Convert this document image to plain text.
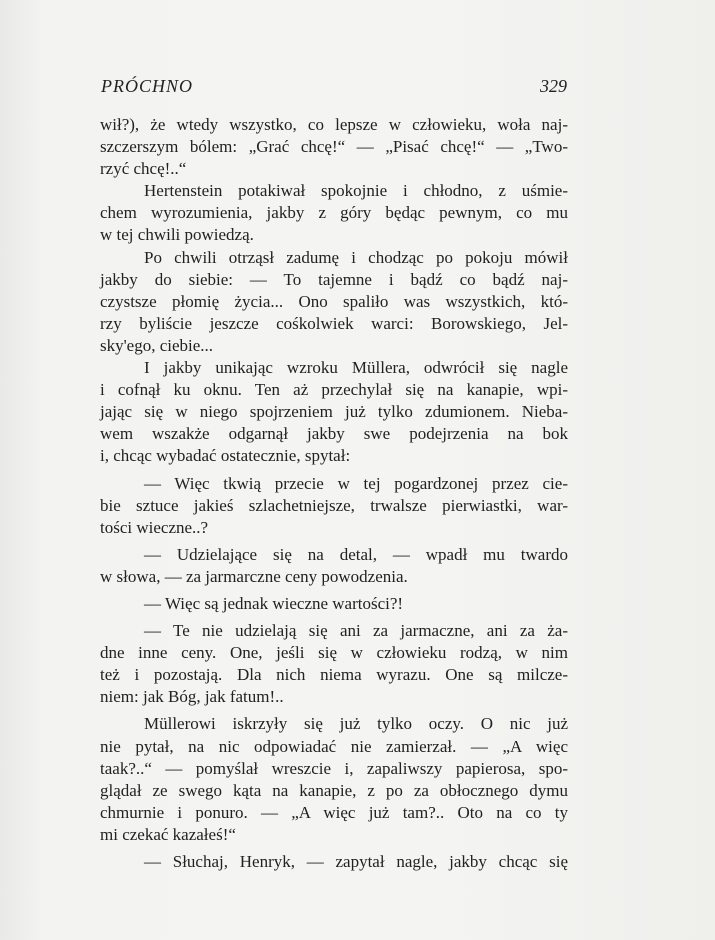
PRÓCHNO	329
wił?), że wtedy wszystko, co lepsze w człowieku, woła naj-
szczerszym bólem: „Grać chcę!“ — „Pisać chcę!“ — „Two-
rzyć chcę!..“
Hertenstein potakiwał spokojnie i chłodno, z uśmie-
chem wyrozumienia, jakby z góry będąc pewnym, co mu
w tej chwili powiedzą.
Po chwili otrząsł zadumę i chodząc po pokoju mówił
jakby do siebie: — To tajemne i bądź co bądź naj-
czystsze płomię życia... Ono spaliło was wszystkich, któ-
rzy byliście jeszcze cośkolwiek warci: Borowskiego, Jel-
sky'ego, ciebie...
I jakby unikając wzroku Müllera, odwrócił się nagle
i cofnął ku oknu. Ten aż przechylał się na kanapie, wpi-
jając się w niego spojrzeniem już tylko zdumionem. Nieba-
wem wszakże odgarnął jakby swe podejrzenia na bok
i, chcąc wybadać ostatecznie, spytał:
— Więc tkwią przecie w tej pogardzonej przez cie-
bie sztuce jakieś szlachetniejsze, trwalsze pierwiastki, war-
tości wieczne..?
— Udzielające się na detal, — wpadł mu twardo
w słowa, — za jarmarczne ceny powodzenia.
— Więc są jednak wieczne wartości?!
— Te nie udzielają się ani za jarmaczne, ani za ża-
dne inne ceny. One, jeśli się w człowieku rodzą, w nim
też i pozostają. Dla nich niema wyrazu. One są milcze-
niem: jak Bóg, jak fatum!..
Müllerowi iskrzyły się już tylko oczy. O nic już
nie pytał, na nic odpowiadać nie zamierzał. — „A więc
taak?..“ — pomyślał wreszcie i, zapaliwszy papierosa, spo-
glądał ze swego kąta na kanapie, z po za obłocznego dymu
chmurnie i ponuro. — „A więc już tam?.. Oto na co ty
mi czekać kazałeś!“
— Słuchaj, Henryk, — zapytał nagle, jakby chcąc się
